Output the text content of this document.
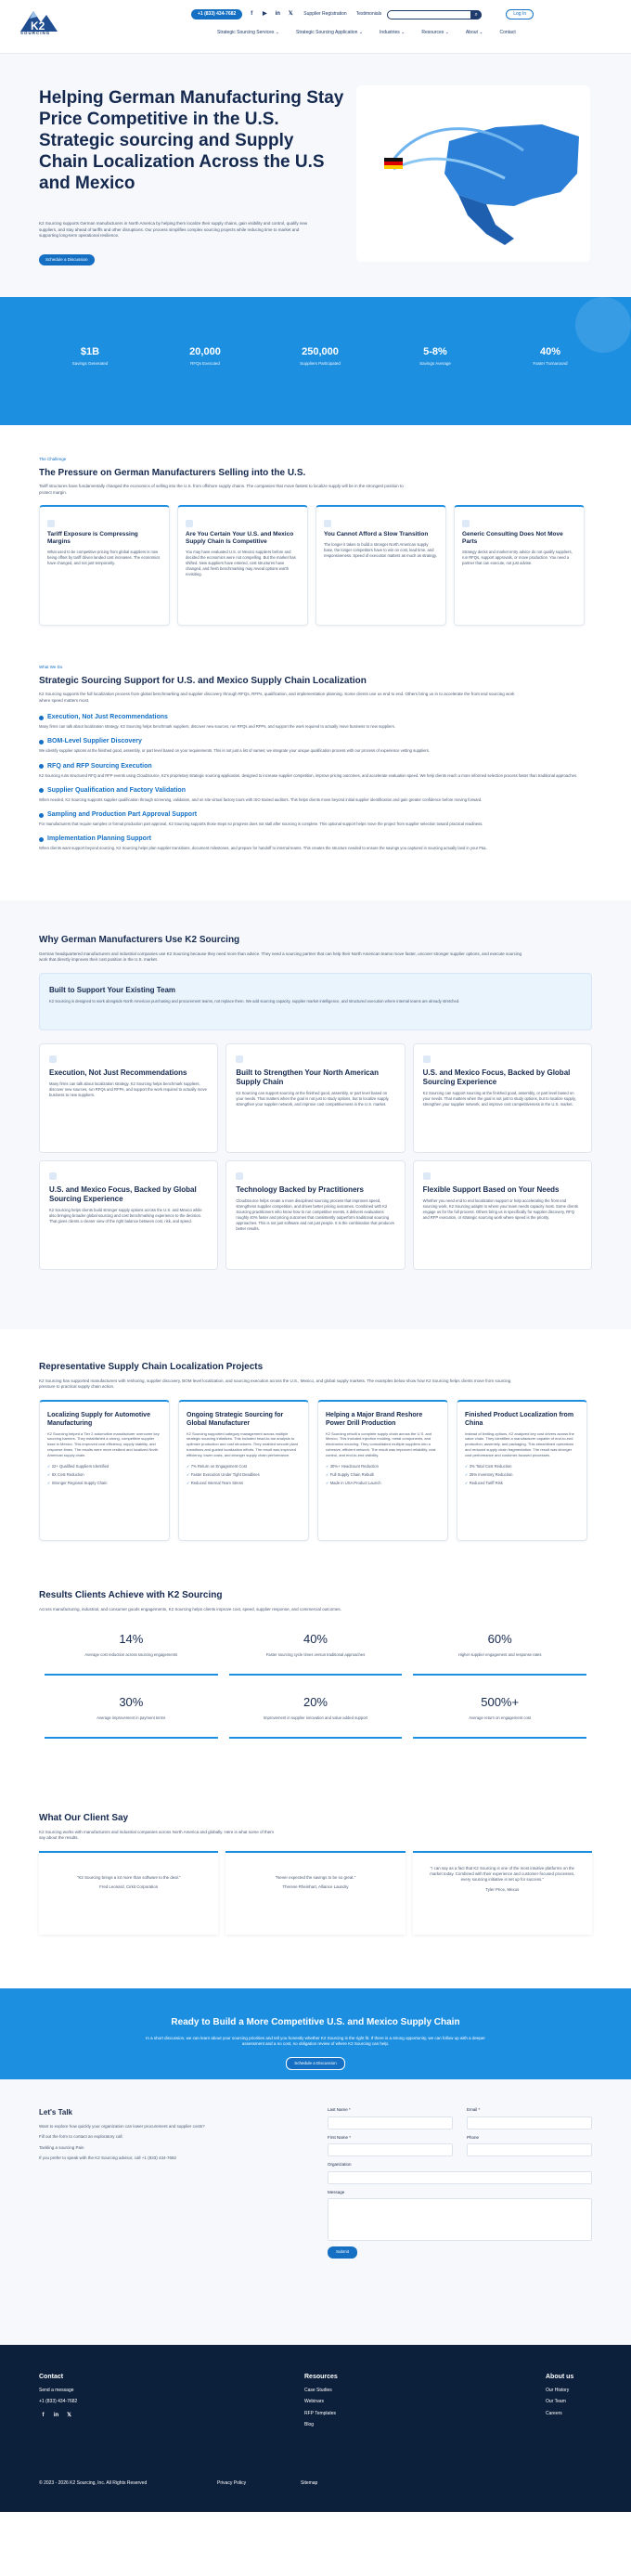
K2
SOURCING
+1 (833) 434-7682	f	▶ in 𝕏	Supplier Registration Testimonials	⌕	Log In
Strategic Sourcing Services ⌄	Strategic Sourcing Application ⌄	Industries ⌄	Resources ⌄	About ⌄	Contact
Helping German Manufacturing Stay Price Competitive in the U.S. Strategic sourcing and Supply Chain Localization Across the U.S and Mexico

K2 Sourcing supports German manufacturers in North America by helping them localize their supply chains, gain visibility and control, qualify new suppliers, and stay ahead of tariffs and other disruptions. Our process simplifies complex sourcing projects while reducing time to market and supporting long-term operational resilience.

Schedule a Discussion
$1B
Savings Generated
20,000
RFQs Executed
250,000
Suppliers Participated
5-8%
Savings Average
40%
Faster Turnaround
The Challenge
The Pressure on German Manufacturers Selling into the U.S.
Tariff structures have fundamentally changed the economics of selling into the U.S. from offshore supply chains. The companies that move fastest to localize supply will be in the strongest position to protect margin.
Tariff Exposure is Compressing Margins

What used to be competitive pricing from global suppliers is now being offset by tariff driven landed cost increases. The economics have changed, and not just temporarily.

Are You Certain Your U.S. and Mexico Supply Chain Is Competitive

You may have evaluated U.S. or Mexico suppliers before and decided the economics were not compelling. But the market has shifted. New suppliers have entered, cost structures have changed, and fresh benchmarking may reveal options worth revisiting.

You Cannot Afford a Slow Transition

The longer it takes to build a stronger North American supply base, the longer competitors have to win on cost, lead time, and responsiveness. Speed of execution matters as much as strategy.

Generic Consulting Does Not Move Parts

Strategy decks and market entry advice do not qualify suppliers, run RFQs, support approvals, or move production. You need a partner that can execute, not just advise.

What We Do
Strategic Sourcing Support for U.S. and Mexico Supply Chain Localization
K2 Sourcing supports the full localization process from global benchmarking and supplier discovery through RFQs, RFPs, qualification, and implementation planning. Some clients use us end to end. Others bring us in to accelerate the front end sourcing work where speed matters most.
Execution, Not Just Recommendations

Many firms can talk about localization strategy. K2 Sourcing helps benchmark suppliers, discover new sources, run RFQs and RFPs, and support the work required to actually move business to new suppliers.

BOM-Level Supplier Discovery

We identify supplier options at the finished good, assembly, or part level based on your requirements. This is not just a list of names; we integrate your unique qualification process with our process of experience vetting suppliers.

RFQ and RFP Sourcing Execution

K2 Sourcing runs structured RFQ and RFP events using CloudSource, K2's proprietary strategic sourcing application, designed to increase supplier competition, improve pricing outcomes, and accelerate evaluation speed. We help clients reach a more informed selection process faster than traditional approaches.

Supplier Qualification and Factory Validation

When needed, K2 Sourcing supports supplier qualification through screening, validation, and on site virtual factory tours with ISO trained auditors. This helps clients move beyond initial supplier identification and gain greater confidence before moving forward.

Sampling and Production Part Approval Support

For manufacturers that require samples or formal production part approval, K2 Sourcing supports those steps so progress does not stall after sourcing is complete. This optional support helps move the project from supplier selection toward practical readiness.

Implementation Planning Support

When clients want support beyond sourcing, K2 Sourcing helps plan supplier transitions, document milestones, and prepare for handoff to internal teams. This creates the structure needed to ensure the savings you captured in sourcing actually land in your P&L.

Why German Manufacturers Use K2 Sourcing
German headquartered manufacturers and industrial companies use K2 Sourcing because they need more than advice. They need a sourcing partner that can help their North American teams move faster, uncover stronger supplier options, and execute sourcing work that directly improves their cost position in the U.S. market.
Built to Support Your Existing Team

K2 Sourcing is designed to work alongside North American purchasing and procurement teams, not replace them. We add sourcing capacity, supplier market intelligence, and structured execution where internal teams are already stretched.

Execution, Not Just Recommendations

Many firms can talk about localization strategy. K2 Sourcing helps benchmark suppliers, discover new sources, run RFQs and RFPs, and support the work required to actually move business to new suppliers.

Built to Strengthen Your North American Supply Chain

K2 Sourcing can support sourcing at the finished good, assembly, or part level based on your needs. That matters when the goal is not just to study options, but to localize supply, strengthen your supplier network, and improve cost competitiveness in the U.S. market.

U.S. and Mexico Focus, Backed by Global Sourcing Experience

K2 Sourcing can support sourcing at the finished good, assembly, or part level based on your needs. That matters when the goal is not just to study options, but to localize supply, strengthen your supplier network, and improve cost competitiveness in the U.S. market.

U.S. and Mexico Focus, Backed by Global Sourcing Experience

K2 Sourcing helps clients build stronger supply options across the U.S. and Mexico while also bringing broader global sourcing and cost benchmarking experience to the decision. That gives clients a clearer view of the right balance between cost, risk, and speed.

Technology Backed by Practitioners

CloudSource helps create a more disciplined sourcing process that improves speed, strengthens supplier competition, and drives better pricing outcomes. Combined with K2 Sourcing practitioners who know how to run competitive events, it delivers evaluations roughly 40% faster and pricing outcomes that consistently outperform traditional sourcing approaches. This is not just software and not just people. It is the combination that produces better results.

Flexible Support Based on Your Needs

Whether you need end to end localization support or help accelerating the front end sourcing work, K2 Sourcing adapts to where your team needs capacity most. Some clients engage us for the full process. Others bring us in specifically for supplier discovery, RFQ and RFP execution, or strategic sourcing work where speed is the priority.

Representative Supply Chain Localization Projects
K2 Sourcing has supported manufacturers with reshoring, supplier discovery, BOM level localization, and sourcing execution across the U.S., Mexico, and global supply markets. The examples below show how K2 Sourcing helps clients move from sourcing pressure to practical supply chain action.
Localizing Supply for Automotive Manufacturing

K2 Sourcing helped a Tier 2 automotive manufacturer overcome key sourcing barriers. They established a strong, competitive supplier base in Mexico. This improved cost efficiency, supply stability, and response times. The results were more resilient and localized North American supply chain.

✓ 22+ Qualified Suppliers Identified
✓ 6X Cost Reduction
✓ Stronger Regional Supply Chain
Ongoing Strategic Sourcing for Global Manufacturer

K2 Sourcing supported category management across multiple strategic sourcing initiatives. This included head-to-toe analysis to optimize production and cost structures. They enabled smooth plant transitions and guided localization efforts. The result was improved efficiency, lower costs, and stronger supply chain performance.

✓ 7% Return on Engagement Cost
✓ Faster Execution Under Tight Deadlines
✓ Reduced Internal Team Stress
Helping a Major Brand Reshore Power Drill Production

K2 Sourcing rebuilt a complete supply chain across the U.S. and Mexico. This included injection molding, metal components, and electronics sourcing. They consolidated multiple suppliers into a cohesive, efficient network. The result was improved reliability, cost control, and end-to-end visibility.

✓ 30%+ Headcount Reduction
✓ Full Supply Chain Rebuilt
✓ Made in USA Product Launch
Finished Product Localization from China

Instead of limiting options, K2 analyzed key cost drivers across the value chain. They identified a manufacturer capable of end-to-end production, assembly, and packaging. This streamlined operations and reduced supply chain fragmentation. The result was stronger cost performance and customer-focused processes.

✓ 3% Total Cost Reduction
✓ 25% Inventory Reduction
✓ Reduced Tariff Risk
Results Clients Achieve with K2 Sourcing
Across manufacturing, industrial, and consumer goods engagements, K2 Sourcing helps clients improve cost, speed, supplier response, and commercial outcomes.
14%
Average cost reduction across sourcing engagements
40%
Faster sourcing cycle times versus traditional approaches
60%
Higher supplier engagement and response rates
30%
Average improvement in payment terms
20%
Improvement in supplier innovation and value added support
500%+
Average return on engagement cost
What Our Client Say
K2 Sourcing works with manufacturers and industrial companies across North America and globally. Here is what some of them say about the results.
"K2 Sourcing brings a lot more than software to the deal."
Fred Leonard, Cirkit Corporation
"Never expected the savings to be so great."
Therese Rheinhart, Alliance Laundry
"I can say as a fact that K2 Sourcing is one of the most intuitive platforms on the market today. Combined with their experience and customer-focused processes, every sourcing initiative is set up for success."
Tyler Price, Mexus
Ready to Build a More Competitive U.S. and Mexico Supply Chain

In a short discussion, we can learn about your sourcing priorities and tell you honestly whether K2 Sourcing is the right fit. If there is a strong opportunity, we can follow up with a deeper assessment and a no cost, no obligation review of where K2 Sourcing can help.

Schedule a Discussion
Let's Talk
Want to explore how quickly your organization can lower procurement and supplier costs?
Fill out the form to contact an exploratory call.
Tackling a sourcing Pain
If you prefer to speak with the K2 Sourcing advisor, call +1 (833) 434-7682
Last Name *	Email *
First Name *	Phone
Organization
Message
Submit
Contact
Send a message
+1 (833) 434-7682
f	in	𝕏
Resources
Case Studies
Webinars
RFP Templates
Blog
About us
Our History
Our Team
Careers
© 2023 - 2026 K2 Sourcing, Inc. All Rights Reserved	Privacy Policy	Sitemap
